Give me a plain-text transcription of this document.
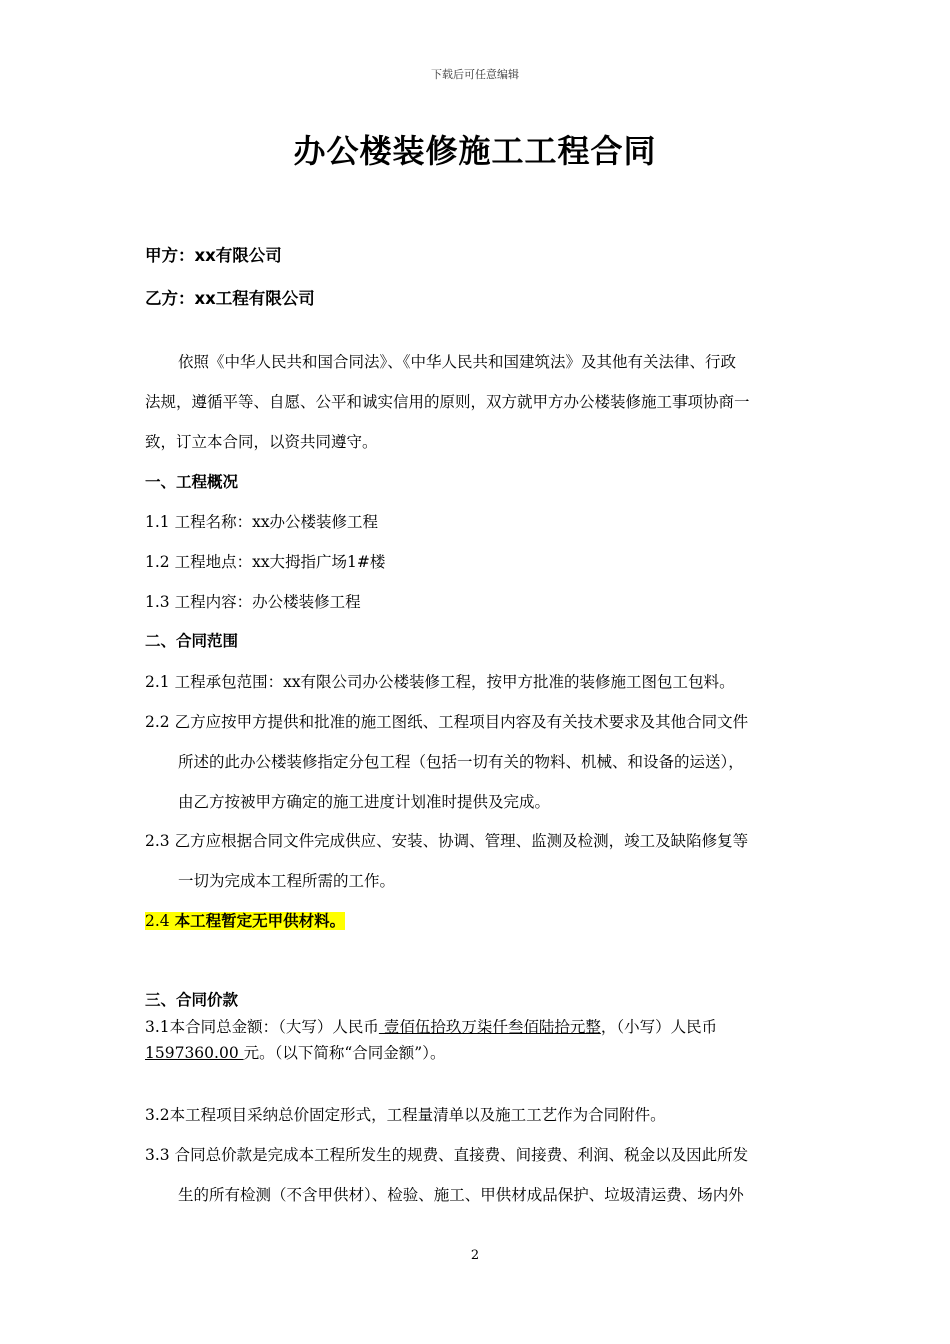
下载后可任意编辑
办公楼装修施工工程合同
甲方：xx有限公司
乙方：xx工程有限公司
依照《中华人民共和国合同法》、《中华人民共和国建筑法》及其他有关法律、行政
法规，遵循平等、自愿、公平和诚实信用的原则，双方就甲方办公楼装修施工事项协商一
致，订立本合同，以资共同遵守。
一、工程概况
1.1 工程名称：xx办公楼装修工程
1.2 工程地点：xx大拇指广场1#楼
1.3 工程内容：办公楼装修工程
二、合同范围
2.1 工程承包范围：xx有限公司办公楼装修工程，按甲方批准的装修施工图包工包料。
2.2 乙方应按甲方提供和批准的施工图纸、工程项目内容及有关技术要求及其他合同文件
所述的此办公楼装修指定分包工程（包括一切有关的物料、机械、和设备的运送），
由乙方按被甲方确定的施工进度计划准时提供及完成。
2.3 乙方应根据合同文件完成供应、安装、协调、管理、监测及检测，竣工及缺陷修复等
一切为完成本工程所需的工作。
2.4 本工程暂定无甲供材料。
三、合同价款
3.1本合同总金额：（大写）人民币 壹佰伍拾玖万柒仟叁佰陆拾元整，（小写）人民币
1597360.00 元。（以下简称“合同金额”）。
3.2本工程项目采纳总价固定形式，工程量清单以及施工工艺作为合同附件。
3.3 合同总价款是完成本工程所发生的规费、直接费、间接费、利润、税金以及因此所发
生的所有检测（不含甲供材）、检验、施工、甲供材成品保护、垃圾清运费、场内外
2
